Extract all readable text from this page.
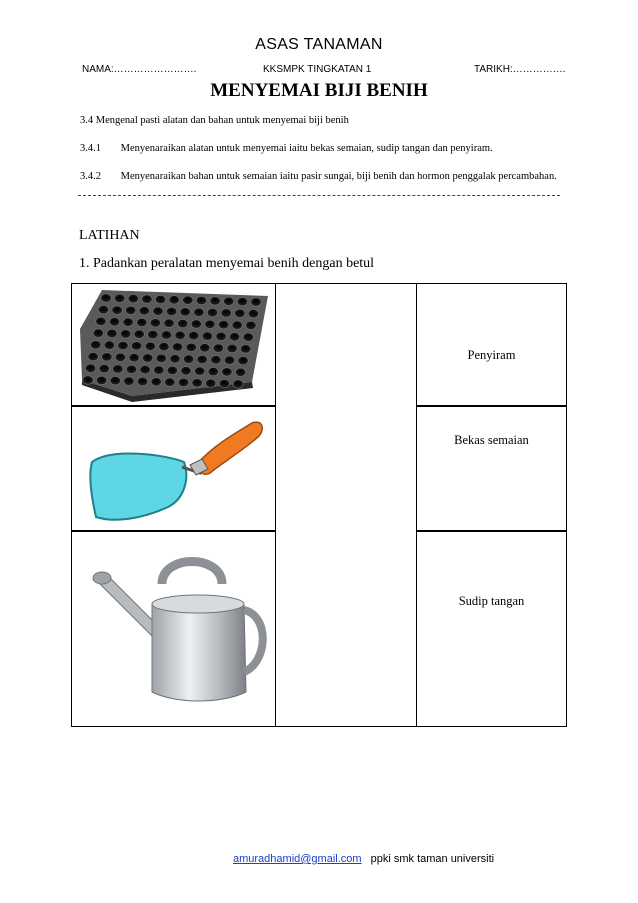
ASAS TANAMAN
NAMA:…………………….	KKSMPK TINGKATAN 1	TARIKH:…………….
MENYEMAI BIJI BENIH
3.4 Mengenal pasti alatan dan bahan untuk menyemai biji benih
3.4.1 Menyenaraikan alatan untuk menyemai iaitu bekas semaian, sudip tangan dan penyiram.
3.4.2 Menyenaraikan bahan untuk semaian iaitu pasir sungai, biji benih dan hormon penggalak percambahan.
LATIHAN
1. Padankan peralatan menyemai benih dengan betul
Penyiram
Bekas semaian
Sudip tangan
amuradhamid@gmail.com ppki smk taman universiti
